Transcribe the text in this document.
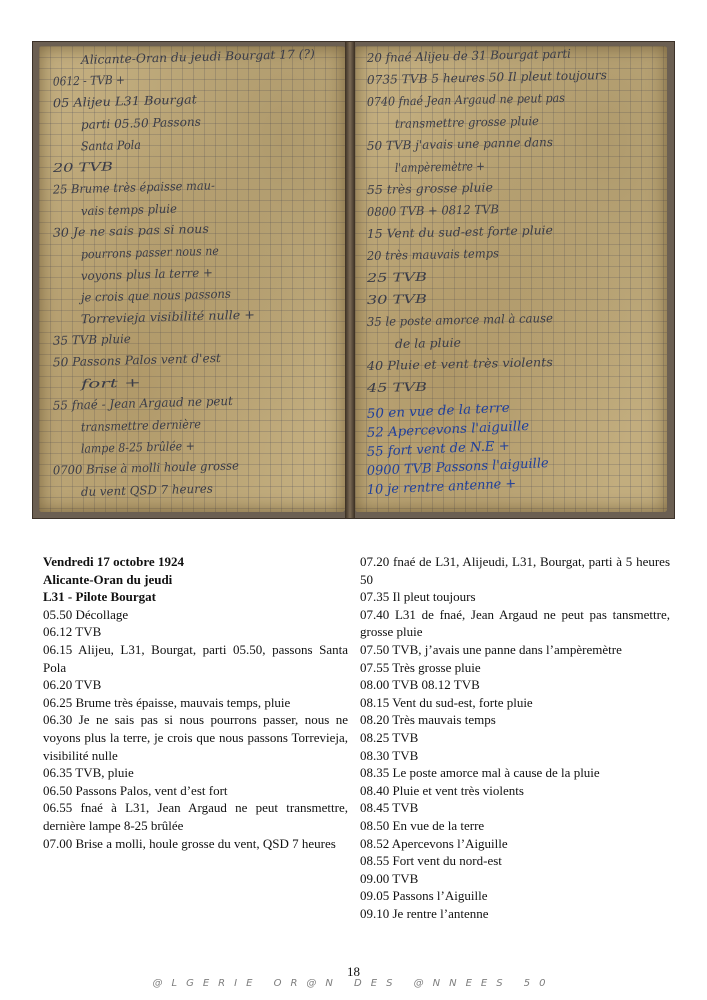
Alicante-Oran du jeudi Bourgat 17 (?)
0612 - TVB +
05 Alijeu L31 Bourgat
parti 05.50 Passons
Santa Pola
20 TVB
25 Brume très épaisse mau-
vais temps pluie
30 Je ne sais pas si nous
pourrons passer nous ne
voyons plus la terre +
je crois que nous passons
Torrevieja visibilité nulle +
35 TVB pluie
50 Passons Palos vent d'est
fort +
55 fnaé - Jean Argaud ne peut
transmettre dernière
lampe 8-25 brûlée +
0700 Brise à molli houle grosse
du vent QSD 7 heures
20 fnaé Alijeu de 31 Bourgat parti
0735 TVB 5 heures 50 Il pleut toujours
0740 fnaé Jean Argaud ne peut pas
transmettre grosse pluie
50 TVB j'avais une panne dans
l'ampèremètre +
55 très grosse pluie
0800 TVB + 0812 TVB
15 Vent du sud-est forte pluie
20 très mauvais temps
25 TVB
30 TVB
35 le poste amorce mal à cause
de la pluie
40 Pluie et vent très violents
45 TVB
50 en vue de la terre
52 Apercevons l'aiguille
55 fort vent de N.E +
0900 TVB Passons l'aiguille
10 je rentre antenne +

Vendredi 17 octobre 1924

Alicante-Oran du jeudi

L31 - Pilote Bourgat

05.50 Décollage

06.12 TVB

06.15 Alijeu, L31, Bourgat, parti 05.50, passons Santa Pola

06.20 TVB

06.25 Brume très épaisse, mauvais temps, pluie

06.30 Je ne sais pas si nous pourrons passer, nous ne voyons plus la terre, je crois que nous passons Torrevieja, visibilité nulle

06.35 TVB, pluie

06.50 Passons Palos, vent d’est fort

06.55 fnaé à L31, Jean Argaud ne peut transmettre, dernière lampe 8-25 brûlée

07.00 Brise a molli, houle grosse du vent, QSD 7 heures

07.20 fnaé de L31, Alijeudi, L31, Bourgat, parti à 5 heures 50

07.35 Il pleut toujours

07.40 L31 de fnaé, Jean Argaud ne peut pas tansmettre, grosse pluie

07.50 TVB, j’avais une panne dans l’ampèremètre

07.55 Très grosse pluie

08.00 TVB 08.12 TVB

08.15 Vent du sud-est, forte pluie

08.20 Très mauvais temps

08.25 TVB

08.30 TVB

08.35 Le poste amorce mal à cause de la pluie

08.40 Pluie et vent très violents

08.45 TVB

08.50 En vue de la terre

08.52 Apercevons l’Aiguille

08.55 Fort vent du nord-est

09.00 TVB

09.05 Passons l’Aiguille

09.10 Je rentre l’antenne

18
@LGERIE OR@N DES @NNEES 50
